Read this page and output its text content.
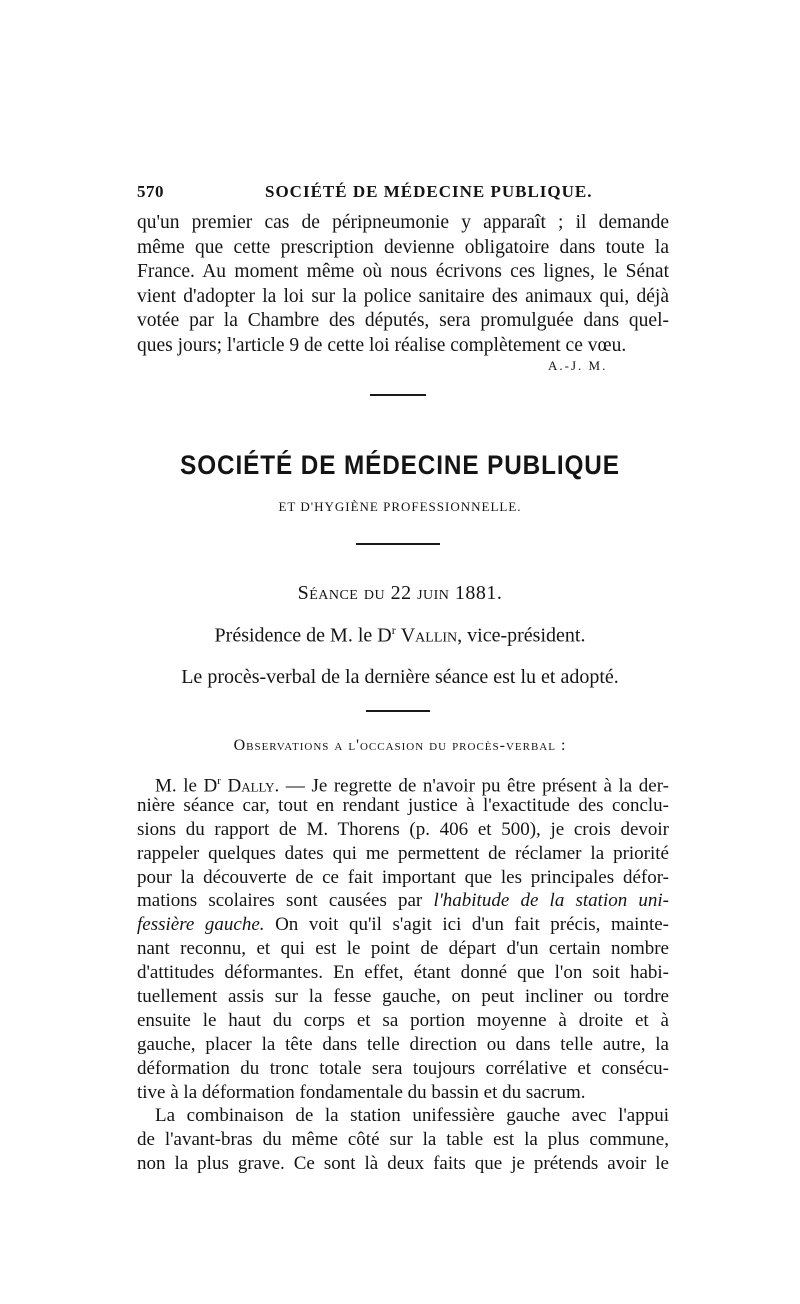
570	SOCIÉTÉ DE MÉDECINE PUBLIQUE.
qu'un premier cas de péripneumonie y apparaît ; il demande
même que cette prescription devienne obligatoire dans toute la
France. Au moment même où nous écrivons ces lignes, le Sénat
vient d'adopter la loi sur la police sanitaire des animaux qui, déjà
votée par la Chambre des députés, sera promulguée dans quel-
ques jours; l'article 9 de cette loi réalise complètement ce vœu.
A.-J. M.
SOCIÉTÉ DE MÉDECINE PUBLIQUE
ET D'HYGIÈNE PROFESSIONNELLE.
Séance du 22 juin 1881.
Présidence de M. le $D^r$ Vallin, vice-président.
Le procès-verbal de la dernière séance est lu et adopté.
Observations a l'occasion du procès-verbal :
M. le $D^r$ Dally. — Je regrette de n'avoir pu être présent à la der-
nière séance car, tout en rendant justice à l'exactitude des conclu-
sions du rapport de M. Thorens (p. 406 et 500), je crois devoir
rappeler quelques dates qui me permettent de réclamer la priorité
pour la découverte de ce fait important que les principales défor-
mations scolaires sont causées par l'habitude de la station uni-
fessière gauche. On voit qu'il s'agit ici d'un fait précis, mainte-
nant reconnu, et qui est le point de départ d'un certain nombre
d'attitudes déformantes. En effet, étant donné que l'on soit habi-
tuellement assis sur la fesse gauche, on peut incliner ou tordre
ensuite le haut du corps et sa portion moyenne à droite et à
gauche, placer la tête dans telle direction ou dans telle autre, la
déformation du tronc totale sera toujours corrélative et consécu-
tive à la déformation fondamentale du bassin et du sacrum.
La combinaison de la station unifessière gauche avec l'appui
de l'avant-bras du même côté sur la table est la plus commune,
non la plus grave. Ce sont là deux faits que je prétends avoir le
